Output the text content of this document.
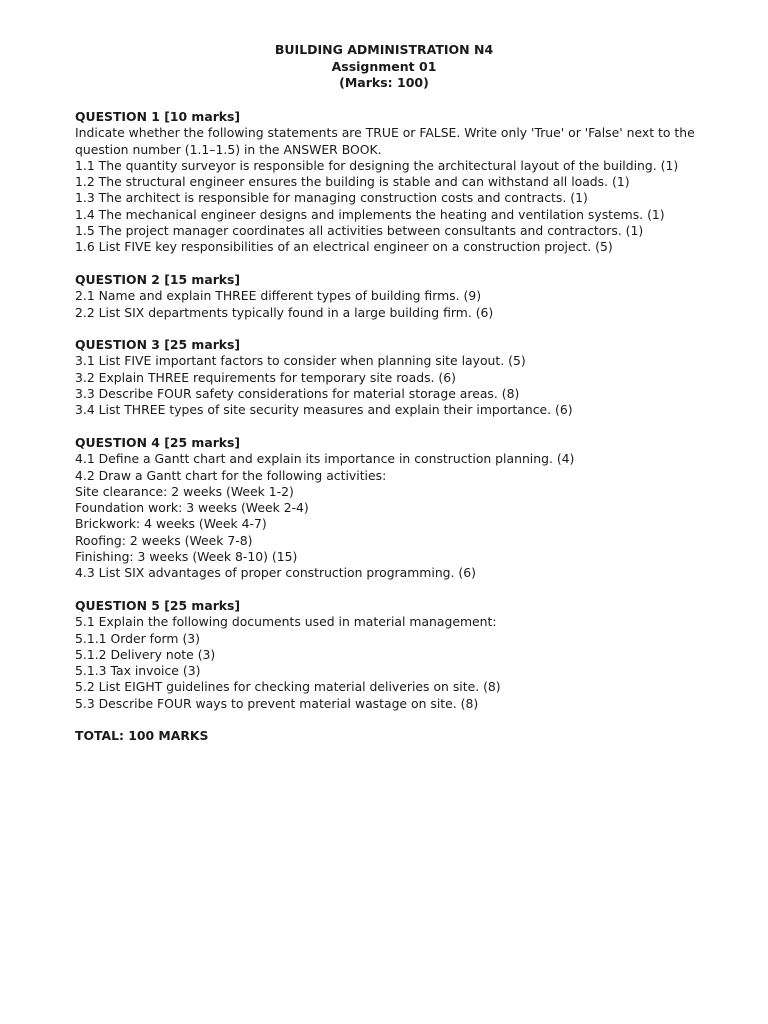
BUILDING ADMINISTRATION N4
Assignment 01
(Marks: 100)
QUESTION 1 [10 marks]
Indicate whether the following statements are TRUE or FALSE. Write only 'True' or 'False' next to the question number (1.1–1.5) in the ANSWER BOOK.
1.1 The quantity surveyor is responsible for designing the architectural layout of the building. (1)
1.2 The structural engineer ensures the building is stable and can withstand all loads. (1)
1.3 The architect is responsible for managing construction costs and contracts. (1)
1.4 The mechanical engineer designs and implements the heating and ventilation systems. (1)
1.5 The project manager coordinates all activities between consultants and contractors. (1)
1.6 List FIVE key responsibilities of an electrical engineer on a construction project. (5)
QUESTION 2 [15 marks]
2.1 Name and explain THREE different types of building firms. (9)
2.2 List SIX departments typically found in a large building firm. (6)
QUESTION 3 [25 marks]
3.1 List FIVE important factors to consider when planning site layout. (5)
3.2 Explain THREE requirements for temporary site roads. (6)
3.3 Describe FOUR safety considerations for material storage areas. (8)
3.4 List THREE types of site security measures and explain their importance. (6)
QUESTION 4 [25 marks]
4.1 Define a Gantt chart and explain its importance in construction planning. (4)
4.2 Draw a Gantt chart for the following activities:
Site clearance: 2 weeks (Week 1-2)
Foundation work: 3 weeks (Week 2-4)
Brickwork: 4 weeks (Week 4-7)
Roofing: 2 weeks (Week 7-8)
Finishing: 3 weeks (Week 8-10) (15)
4.3 List SIX advantages of proper construction programming. (6)
QUESTION 5 [25 marks]
5.1 Explain the following documents used in material management:
5.1.1 Order form (3)
5.1.2 Delivery note (3)
5.1.3 Tax invoice (3)
5.2 List EIGHT guidelines for checking material deliveries on site. (8)
5.3 Describe FOUR ways to prevent material wastage on site. (8)
TOTAL: 100 MARKS
